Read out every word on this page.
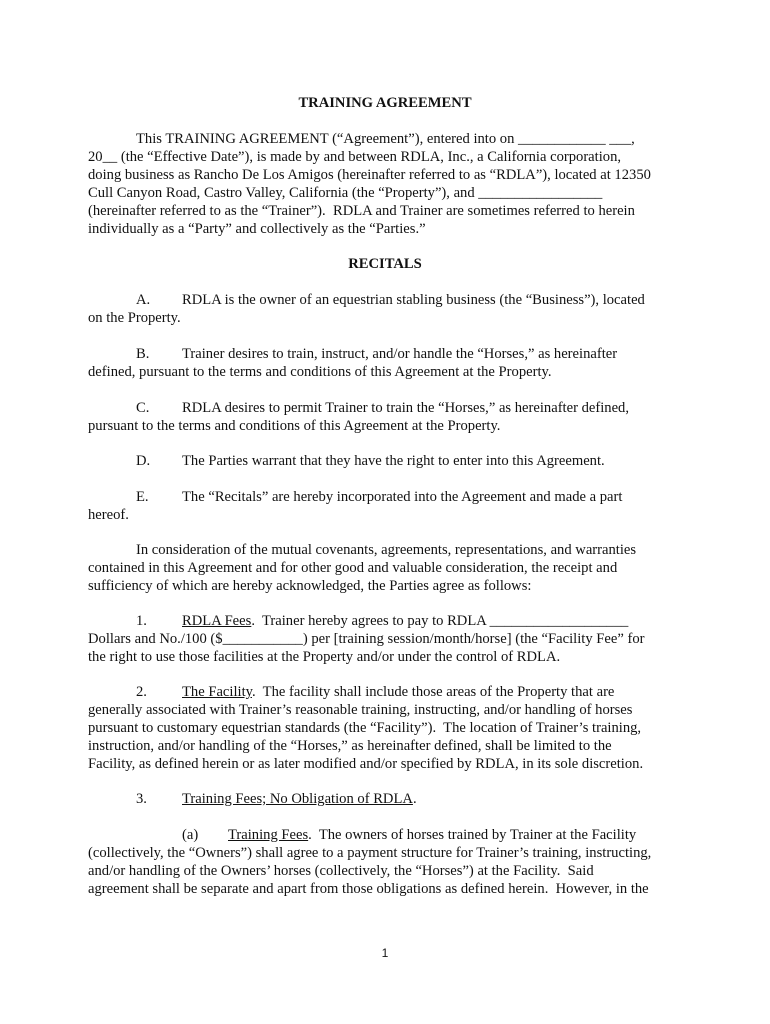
TRAINING AGREEMENT
This TRAINING AGREEMENT (“Agreement”), entered into on ____________ ___,
20__ (the “Effective Date”), is made by and between RDLA, Inc., a California corporation,
doing business as Rancho De Los Amigos (hereinafter referred to as “RDLA”), located at 12350
Cull Canyon Road, Castro Valley, California (the “Property”), and _________________
(hereinafter referred to as the “Trainer”).  RDLA and Trainer are sometimes referred to herein
individually as a “Party” and collectively as the “Parties.”
RECITALS
A. RDLA is the owner of an equestrian stabling business (the “Business”), located
on the Property.
B. Trainer desires to train, instruct, and/or handle the “Horses,” as hereinafter
defined, pursuant to the terms and conditions of this Agreement at the Property.
C. RDLA desires to permit Trainer to train the “Horses,” as hereinafter defined,
pursuant to the terms and conditions of this Agreement at the Property.
D. The Parties warrant that they have the right to enter into this Agreement.
E. The “Recitals” are hereby incorporated into the Agreement and made a part
hereof.
In consideration of the mutual covenants, agreements, representations, and warranties
contained in this Agreement and for other good and valuable consideration, the receipt and
sufficiency of which are hereby acknowledged, the Parties agree as follows:
1. RDLA Fees.  Trainer hereby agrees to pay to RDLA ___________________
Dollars and No./100 ($___________) per [training session/month/horse] (the “Facility Fee” for
the right to use those facilities at the Property and/or under the control of RDLA.
2. The Facility.  The facility shall include those areas of the Property that are
generally associated with Trainer’s reasonable training, instructing, and/or handling of horses
pursuant to customary equestrian standards (the “Facility”).  The location of Trainer’s training,
instruction, and/or handling of the “Horses,” as hereinafter defined, shall be limited to the
Facility, as defined herein or as later modified and/or specified by RDLA, in its sole discretion.
3. Training Fees; No Obligation of RDLA.
(a) Training Fees.  The owners of horses trained by Trainer at the Facility
(collectively, the “Owners”) shall agree to a payment structure for Trainer’s training, instructing,
and/or handling of the Owners’ horses (collectively, the “Horses”) at the Facility.  Said
agreement shall be separate and apart from those obligations as defined herein.  However, in the
1
